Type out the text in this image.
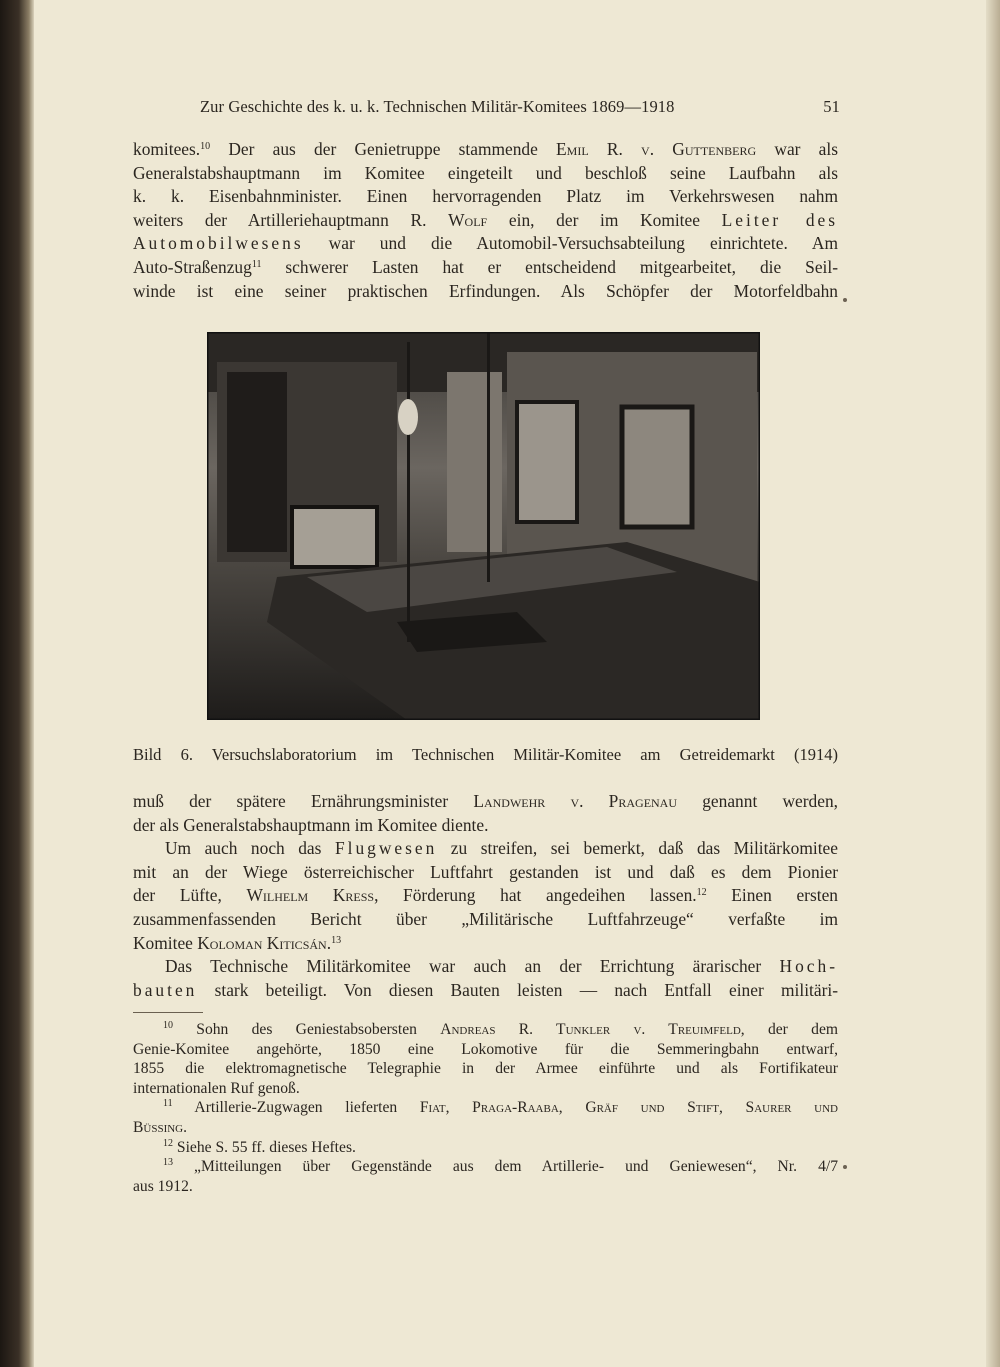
Zur Geschichte des k. u. k. Technischen Militär-Komitees 1869—1918	51
komitees.$^{10}$ Der aus der Genietruppe stammende Emil R. v. Guttenberg war als
Generalstabshauptmann im Komitee eingeteilt und beschloß seine Laufbahn als
k. k. Eisenbahnminister. Einen hervorragenden Platz im Verkehrswesen nahm
weiters der Artilleriehauptmann R. Wolf ein, der im Komitee Leiter des
Automobilwesens war und die Automobil-Versuchsabteilung einrichtete. Am
Auto-Straßenzug$^{11}$ schwerer Lasten hat er entscheidend mitgearbeitet, die Seil-
winde ist eine seiner praktischen Erfindungen. Als Schöpfer der Motorfeldbahn
Bild 6. Versuchslaboratorium im Technischen Militär-Komitee am Getreidemarkt (1914)
muß der spätere Ernährungsminister Landwehr v. Pragenau genannt werden,
der als Generalstabshauptmann im Komitee diente.
Um auch noch das Flugwesen zu streifen, sei bemerkt, daß das Militärkomitee
mit an der Wiege österreichischer Luftfahrt gestanden ist und daß es dem Pionier
der Lüfte, Wilhelm Kress, Förderung hat angedeihen lassen.$^{12}$ Einen ersten
zusammenfassenden Bericht über „Militärische Luftfahrzeuge“ verfaßte im
Komitee Koloman Kiticsán.$^{13}$
Das Technische Militärkomitee war auch an der Errichtung ärarischer Hoch-
bauten stark beteiligt. Von diesen Bauten leisten — nach Entfall einer militäri-
$^{10}$ Sohn des Geniestabsobersten Andreas R. Tunkler v. Treuimfeld, der dem
Genie-Komitee angehörte, 1850 eine Lokomotive für die Semmeringbahn entwarf,
1855 die elektromagnetische Telegraphie in der Armee einführte und als Fortifikateur
internationalen Ruf genoß.
$^{11}$ Artillerie-Zugwagen lieferten Fiat, Praga-Raaba, Gräf und Stift, Saurer und
Büssing.
$^{12}$ Siehe S. 55 ff. dieses Heftes.
$^{13}$ „Mitteilungen über Gegenstände aus dem Artillerie- und Geniewesen“, Nr. 4/7
aus 1912.
